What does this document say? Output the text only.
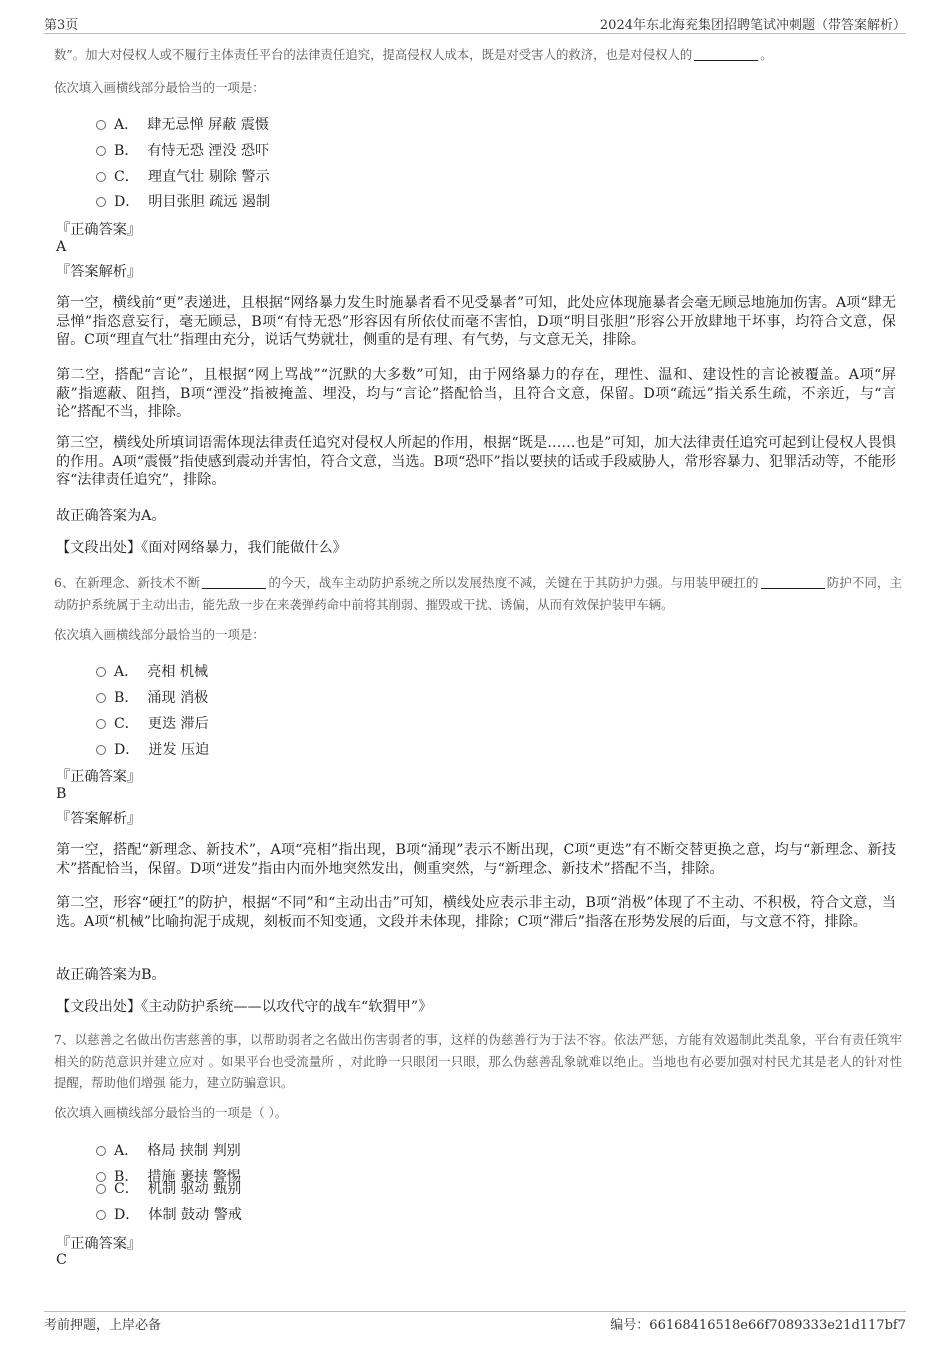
第3页	2024年东北海兖集团招聘笔试冲刺题（带答案解析）
数”。加大对侵权人或不履行主体责任平台的法律责任追究，提高侵权人成本，既是对受害人的救济，也是对侵权人的	。
依次填入画横线部分最恰当的一项是：
A． 肆无忌惮 屏蔽 震慑
B． 有恃无恐 湮没 恐吓
C． 理直气壮 剔除 警示
D． 明目张胆 疏远 遏制
『正确答案』
A
『答案解析』
第一空，横线前“更”表递进，且根据“网络暴力发生时施暴者看不见受暴者”可知，此处应体现施暴者会毫无顾忌地施加伤害。A项“肆无忌惮”指恣意妄行，毫无顾忌，B项“有恃无恐”形容因有所依仗而毫不害怕，D项“明目张胆”形容公开放肆地干坏事，均符合文意，保留。C项“理直气壮”指理由充分，说话气势就壮，侧重的是有理、有气势，与文意无关，排除。
第二空，搭配“言论”，且根据“网上骂战”“沉默的大多数”可知，由于网络暴力的存在，理性、温和、建设性的言论被覆盖。A项“屏蔽”指遮蔽、阻挡，B项“湮没”指被掩盖、埋没，均与“言论”搭配恰当，且符合文意，保留。D项“疏远”指关系生疏，不亲近，与“言论”搭配不当，排除。
第三空，横线处所填词语需体现法律责任追究对侵权人所起的作用，根据“既是……也是”可知，加大法律责任追究可起到让侵权人畏惧的作用。A项“震慑”指使感到震动并害怕，符合文意，当选。B项“恐吓”指以要挟的话或手段威胁人，常形容暴力、犯罪活动等，不能形容“法律责任追究”，排除。
故正确答案为A。
【文段出处】《面对网络暴力，我们能做什么》
6、在新理念、新技术不断	的今天，战车主动防护系统之所以发展热度不减，关键在于其防护力强。与用装甲硬扛的	防护不同，主动防护系统属于主动出击，能先敌一步在来袭弹药命中前将其削弱、摧毁或干扰、诱偏，从而有效保护装甲车辆。
依次填入画横线部分最恰当的一项是：
A． 亮相 机械
B． 涌现 消极
C． 更迭 滞后
D． 迸发 压迫
『正确答案』
B
『答案解析』
第一空，搭配“新理念、新技术”，A项“亮相”指出现，B项“涌现”表示不断出现，C项“更迭”有不断交替更换之意，均与“新理念、新技术”搭配恰当，保留。D项“迸发”指由内而外地突然发出，侧重突然，与“新理念、新技术”搭配不当，排除。
第二空，形容“硬扛”的防护，根据“不同”和“主动出击”可知，横线处应表示非主动，B项“消极”体现了不主动、不积极，符合文意，当选。A项“机械”比喻拘泥于成规，刻板而不知变通，文段并未体现，排除；C项“滞后”指落在形势发展的后面，与文意不符，排除。
故正确答案为B。
【文段出处】《主动防护系统——以攻代守的战车“软猬甲”》
7、以慈善之名做出伤害慈善的事，以帮助弱者之名做出伤害弱者的事，这样的伪慈善行为于法不容。依法严惩，方能有效遏制此类乱象，平台有责任筑牢相关的防范意识并建立应对 。如果平台也受流量所 ，对此睁一只眼闭一只眼，那么伪慈善乱象就难以绝止。当地也有必要加强对村民尤其是老人的针对性提醒，帮助他们增强 能力，建立防骗意识。
依次填入画横线部分最恰当的一项是（ ）。
A． 格局 挟制 判别
B． 措施 裹挟 警惕
C． 机制 驱动 甄别
D． 体制 鼓动 警戒
『正确答案』
C
考前押题，上岸必备	编号：66168416518e66f7089333e21d117bf7
